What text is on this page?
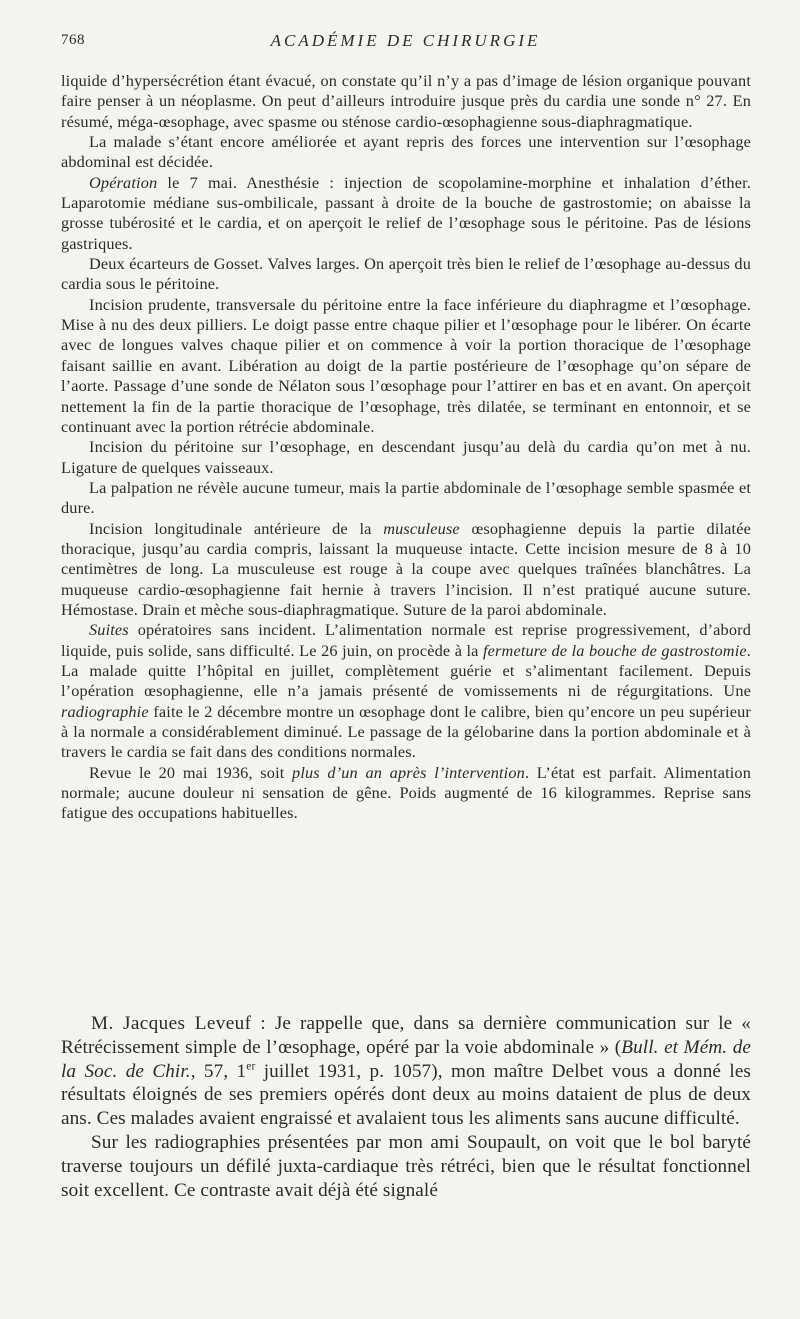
768	ACADÉMIE DE CHIRURGIE

liquide d’hypersécrétion étant évacué, on constate qu’il n’y a pas d’image de lésion organique pouvant faire penser à un néoplasme. On peut d’ailleurs introduire jusque près du cardia une sonde n° 27. En résumé, méga-œsophage, avec spasme ou sténose cardio-œsophagienne sous-diaphragmatique.

La malade s’étant encore améliorée et ayant repris des forces une intervention sur l’œsophage abdominal est décidée.

Opération le 7 mai. Anesthésie : injection de scopolamine-morphine et inhalation d’éther. Laparotomie médiane sus-ombilicale, passant à droite de la bouche de gastrostomie; on abaisse la grosse tubérosité et le cardia, et on aperçoit le relief de l’œsophage sous le péritoine. Pas de lésions gastriques.

Deux écarteurs de Gosset. Valves larges. On aperçoit très bien le relief de l’œsophage au-dessus du cardia sous le péritoine.

Incision prudente, transversale du péritoine entre la face inférieure du diaphragme et l’œsophage. Mise à nu des deux pilliers. Le doigt passe entre chaque pilier et l’œsophage pour le libérer. On écarte avec de longues valves chaque pilier et on commence à voir la portion thoracique de l’œsophage faisant saillie en avant. Libération au doigt de la partie postérieure de l’œsophage qu’on sépare de l’aorte. Passage d’une sonde de Nélaton sous l’œsophage pour l’attirer en bas et en avant. On aperçoit nettement la fin de la partie thoracique de l’œsophage, très dilatée, se terminant en entonnoir, et se continuant avec la portion rétrécie abdominale.

Incision du péritoine sur l’œsophage, en descendant jusqu’au delà du cardia qu’on met à nu. Ligature de quelques vaisseaux.

La palpation ne révèle aucune tumeur, mais la partie abdominale de l’œsophage semble spasmée et dure.

Incision longitudinale antérieure de la musculeuse œsophagienne depuis la partie dilatée thoracique, jusqu’au cardia compris, laissant la muqueuse intacte. Cette incision mesure de 8 à 10 centimètres de long. La musculeuse est rouge à la coupe avec quelques traînées blanchâtres. La muqueuse cardio-œsophagienne fait hernie à travers l’incision. Il n’est pratiqué aucune suture. Hémostase. Drain et mèche sous-diaphragmatique. Suture de la paroi abdominale.

Suites opératoires sans incident. L’alimentation normale est reprise progressivement, d’abord liquide, puis solide, sans difficulté. Le 26 juin, on procède à la fermeture de la bouche de gastrostomie. La malade quitte l’hôpital en juillet, complètement guérie et s’alimentant facilement. Depuis l’opération œsophagienne, elle n’a jamais présenté de vomissements ni de régurgitations. Une radiographie faite le 2 décembre montre un œsophage dont le calibre, bien qu’encore un peu supérieur à la normale a considérablement diminué. Le passage de la gélobarine dans la portion abdominale et à travers le cardia se fait dans des conditions normales.

Revue le 20 mai 1936, soit plus d’un an après l’intervention. L’état est parfait. Alimentation normale; aucune douleur ni sensation de gêne. Poids augmenté de 16 kilogrammes. Reprise sans fatigue des occupations habituelles.

M. Jacques Leveuf : Je rappelle que, dans sa dernière communication sur le « Rétrécissement simple de l’œsophage, opéré par la voie abdominale » (Bull. et Mém. de la Soc. de Chir., 57, 1er juillet 1931, p. 1057), mon maître Delbet vous a donné les résultats éloignés de ses premiers opérés dont deux au moins dataient de plus de deux ans. Ces malades avaient engraissé et avalaient tous les aliments sans aucune difficulté.

Sur les radiographies présentées par mon ami Soupault, on voit que le bol baryté traverse toujours un défilé juxta-cardiaque très rétréci, bien que le résultat fonctionnel soit excellent. Ce contraste avait déjà été signalé
